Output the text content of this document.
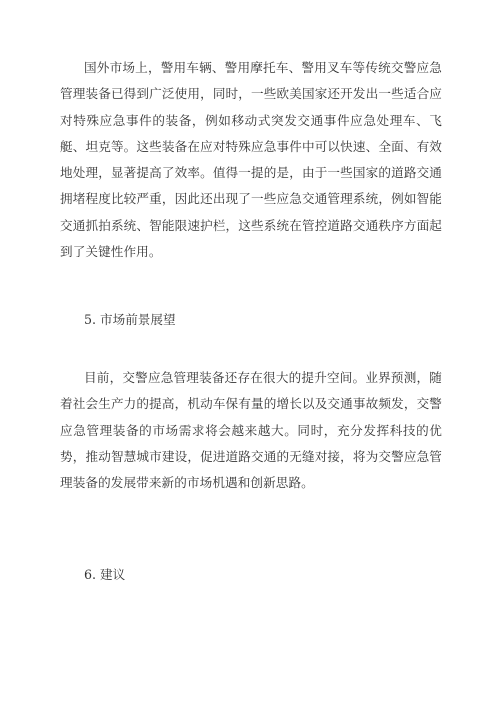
国外市场上，警用车辆、警用摩托车、警用叉车等传统交警应急管理装备已得到广泛使用，同时，一些欧美国家还开发出一些适合应对特殊应急事件的装备，例如移动式突发交通事件应急处理车、飞艇、坦克等。这些装备在应对特殊应急事件中可以快速、全面、有效地处理，显著提高了效率。值得一提的是，由于一些国家的道路交通拥堵程度比较严重，因此还出现了一些应急交通管理系统，例如智能交通抓拍系统、智能限速护栏，这些系统在管控道路交通秩序方面起到了关键性作用。

5. 市场前景展望

目前，交警应急管理装备还存在很大的提升空间。业界预测，随着社会生产力的提高，机动车保有量的增长以及交通事故频发，交警应急管理装备的市场需求将会越来越大。同时，充分发挥科技的优势，推动智慧城市建设，促进道路交通的无缝对接，将为交警应急管理装备的发展带来新的市场机遇和创新思路。

6. 建议
